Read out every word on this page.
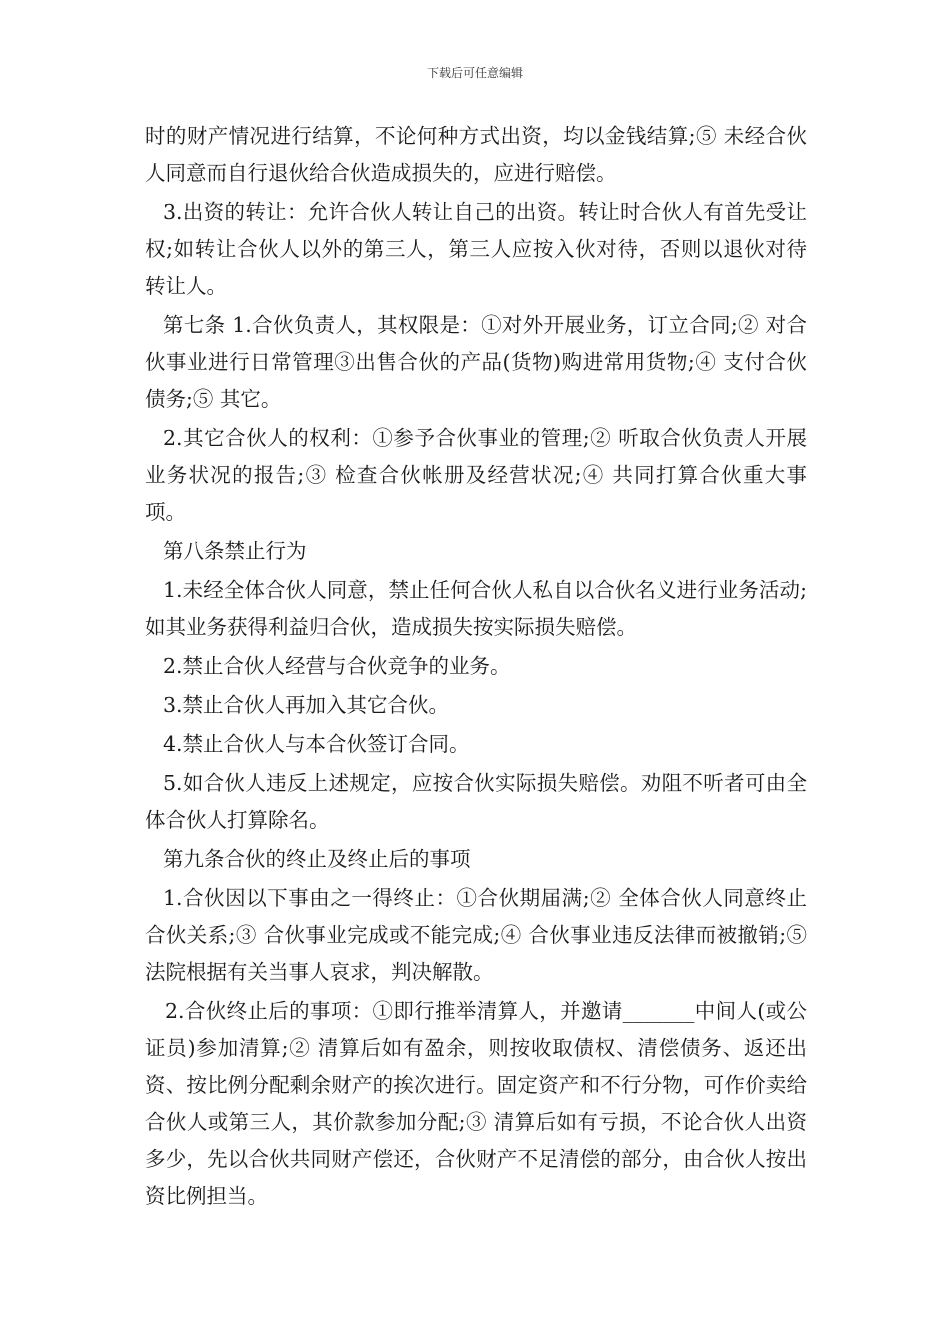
下载后可任意编辑

时的财产情况进行结算，不论何种方式出资，均以金钱结算;⑤ 未经合伙人同意而自行退伙给合伙造成损失的，应进行赔偿。

3.出资的转让：允许合伙人转让自己的出资。转让时合伙人有首先受让权;如转让合伙人以外的第三人，第三人应按入伙对待，否则以退伙对待转让人。

第七条 1.合伙负责人，其权限是：①对外开展业务，订立合同;② 对合伙事业进行日常管理③出售合伙的产品(货物)购进常用货物;④ 支付合伙债务;⑤ 其它。

2.其它合伙人的权利：①参予合伙事业的管理;② 听取合伙负责人开展业务状况的报告;③ 检查合伙帐册及经营状况;④ 共同打算合伙重大事项。

第八条禁止行为

1.未经全体合伙人同意，禁止任何合伙人私自以合伙名义进行业务活动;如其业务获得利益归合伙，造成损失按实际损失赔偿。

2.禁止合伙人经营与合伙竞争的业务。

3.禁止合伙人再加入其它合伙。

4.禁止合伙人与本合伙签订合同。

5.如合伙人违反上述规定，应按合伙实际损失赔偿。劝阻不听者可由全体合伙人打算除名。

第九条合伙的终止及终止后的事项

1.合伙因以下事由之一得终止：①合伙期届满;② 全体合伙人同意终止合伙关系;③ 合伙事业完成或不能完成;④ 合伙事业违反法律而被撤销;⑤ 法院根据有关当事人哀求，判决解散。

2.合伙终止后的事项：①即行推举清算人，并邀请_______中间人(或公证员)参加清算;② 清算后如有盈余，则按收取债权、清偿债务、返还出资、按比例分配剩余财产的挨次进行。固定资产和不行分物，可作价卖给合伙人或第三人，其价款参加分配;③ 清算后如有亏损，不论合伙人出资多少，先以合伙共同财产偿还，合伙财产不足清偿的部分，由合伙人按出资比例担当。
